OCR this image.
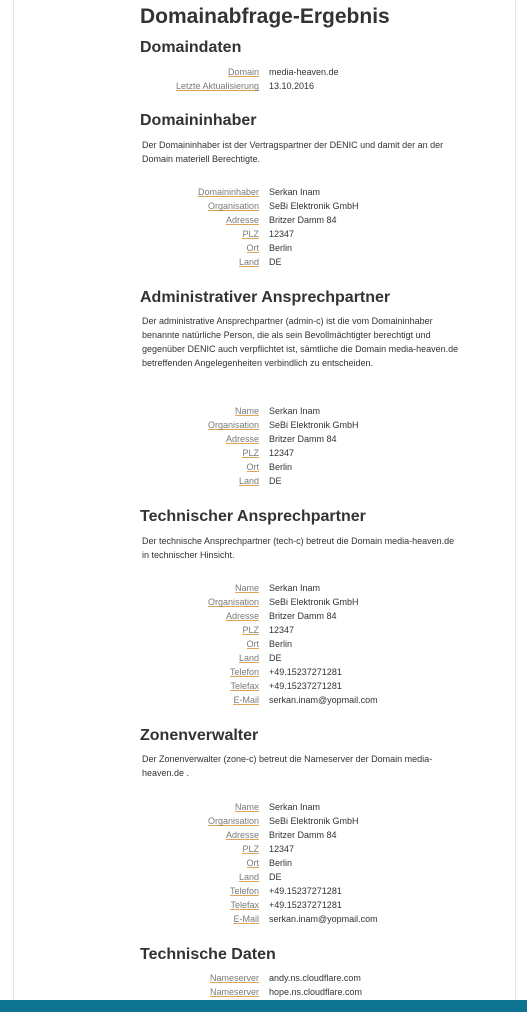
Domainabfrage-Ergebnis
Domaindaten
Domain media-heaven.de
Letzte Aktualisierung 13.10.2016
Domaininhaber

Der Domaininhaber ist der Vertragspartner der DENIC und damit der an der Domain materiell Berechtigte.

Domaininhaber Serkan Inam
Organisation SeBi Elektronik GmbH
Adresse Britzer Damm 84
PLZ 12347
Ort Berlin
Land DE
Administrativer Ansprechpartner

Der administrative Ansprechpartner (admin-c) ist die vom Domaininhaber benannte natürliche Person, die als sein Bevollmächtigter berechtigt und gegenüber DENIC auch verpflichtet ist, sämtliche die Domain media-heaven.de betreffenden Angelegenheiten verbindlich zu entscheiden.

Name Serkan Inam
Organisation SeBi Elektronik GmbH
Adresse Britzer Damm 84
PLZ 12347
Ort Berlin
Land DE
Technischer Ansprechpartner

Der technische Ansprechpartner (tech-c) betreut die Domain media-heaven.de in technischer Hinsicht.

Name Serkan Inam
Organisation SeBi Elektronik GmbH
Adresse Britzer Damm 84
PLZ 12347
Ort Berlin
Land DE
Telefon +49.15237271281
Telefax +49.15237271281
E-Mail serkan.inam@yopmail.com
Zonenverwalter

Der Zonenverwalter (zone-c) betreut die Nameserver der Domain media-heaven.de .

Name Serkan Inam
Organisation SeBi Elektronik GmbH
Adresse Britzer Damm 84
PLZ 12347
Ort Berlin
Land DE
Telefon +49.15237271281
Telefax +49.15237271281
E-Mail serkan.inam@yopmail.com
Technische Daten
Nameserver andy.ns.cloudflare.com
Nameserver hope.ns.cloudflare.com
